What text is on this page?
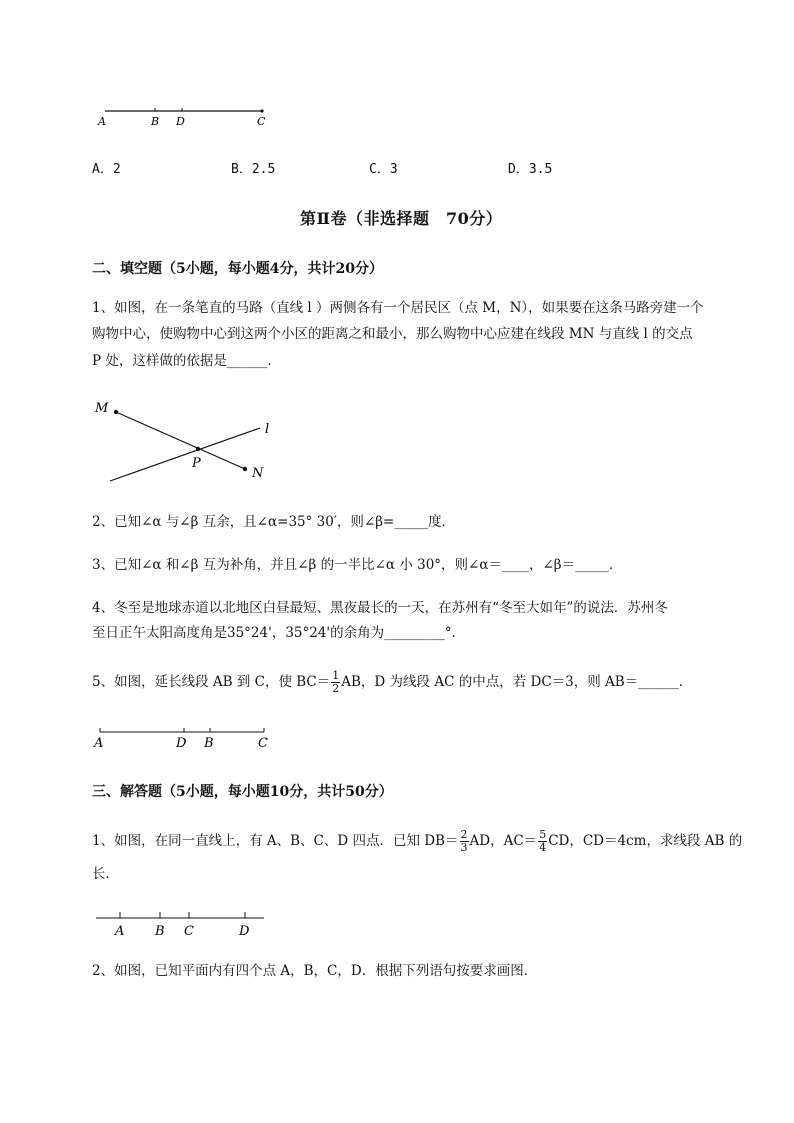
A	B D	C
A．2	B．2.5	C．3	D．3.5
第Ⅱ卷（非选择题　70分）
二、填空题（5小题，每小题4分，共计20分）
1、如图，在一条笔直的马路（直线 l ）两侧各有一个居民区（点 M，N），如果要在这条马路旁建一个
购物中心，使购物中心到这两个小区的距离之和最小，那么购物中心应建在线段 MN 与直线 l 的交点
P 处，这样做的依据是______．
M
N
P
l
2、已知∠α 与∠β 互余，且∠α=35° 30′，则∠β=_____度．
3、已知∠α 和∠β 互为补角，并且∠β 的一半比∠α 小 30°，则∠α＝____，∠β＝_____．
4、冬至是地球赤道以北地区白昼最短、黑夜最长的一天，在苏州有“冬至大如年”的说法．苏州冬
至日正午太阳高度角是35°24'，35°24'的余角为_________°．
5、如图，延长线段 AB 到 C，使 $BC= \frac{1}{2}$ AB，D 为线段 AC 的中点，若 DC＝3，则 AB＝______．
A	D B	C
三、解答题（5小题，每小题10分，共计50分）
1、如图，在同一直线上，有 A、B、C、D 四点．已知 $DB= \frac{2}{3}$ AD，$AC= \frac{5}{4}$ CD，CD＝4cm，求线段 AB 的
长．
A B C	D
2、如图，已知平面内有四个点 A，B，C，D．根据下列语句按要求画图．
